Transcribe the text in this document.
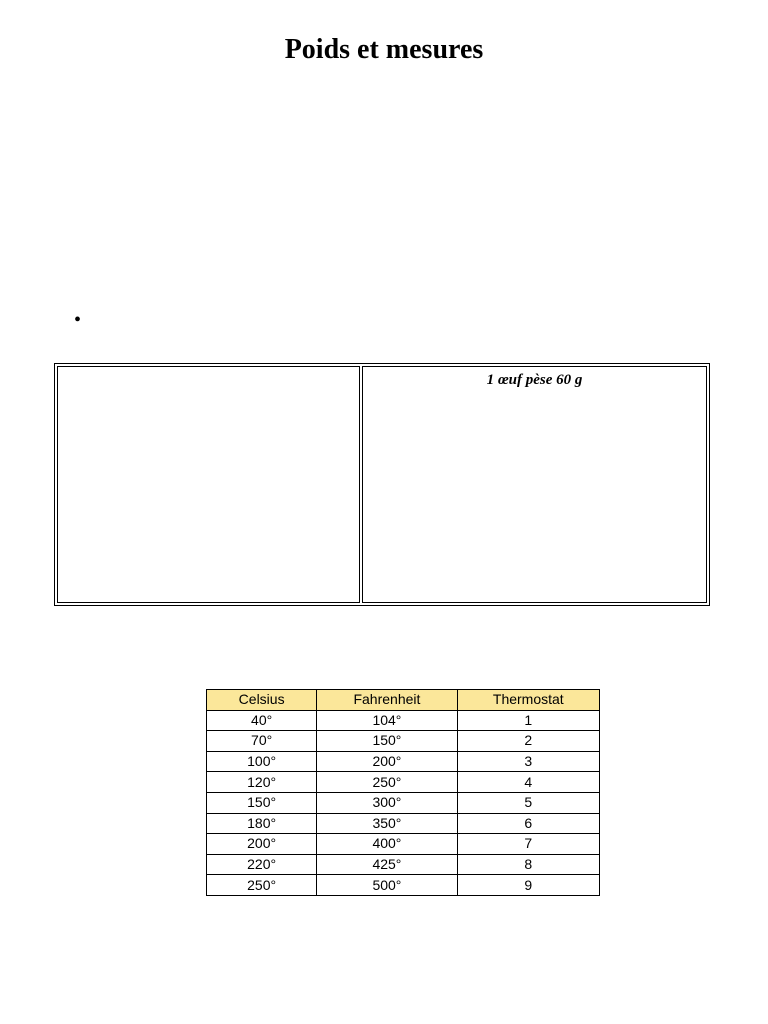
Poids et mesures
•
1 œuf pèse 60 g
Celsius	Fahrenheit	Thermostat
40°	104°	1
70°	150°	2
100°	200°	3
120°	250°	4
150°	300°	5
180°	350°	6
200°	400°	7
220°	425°	8
250°	500°	9
